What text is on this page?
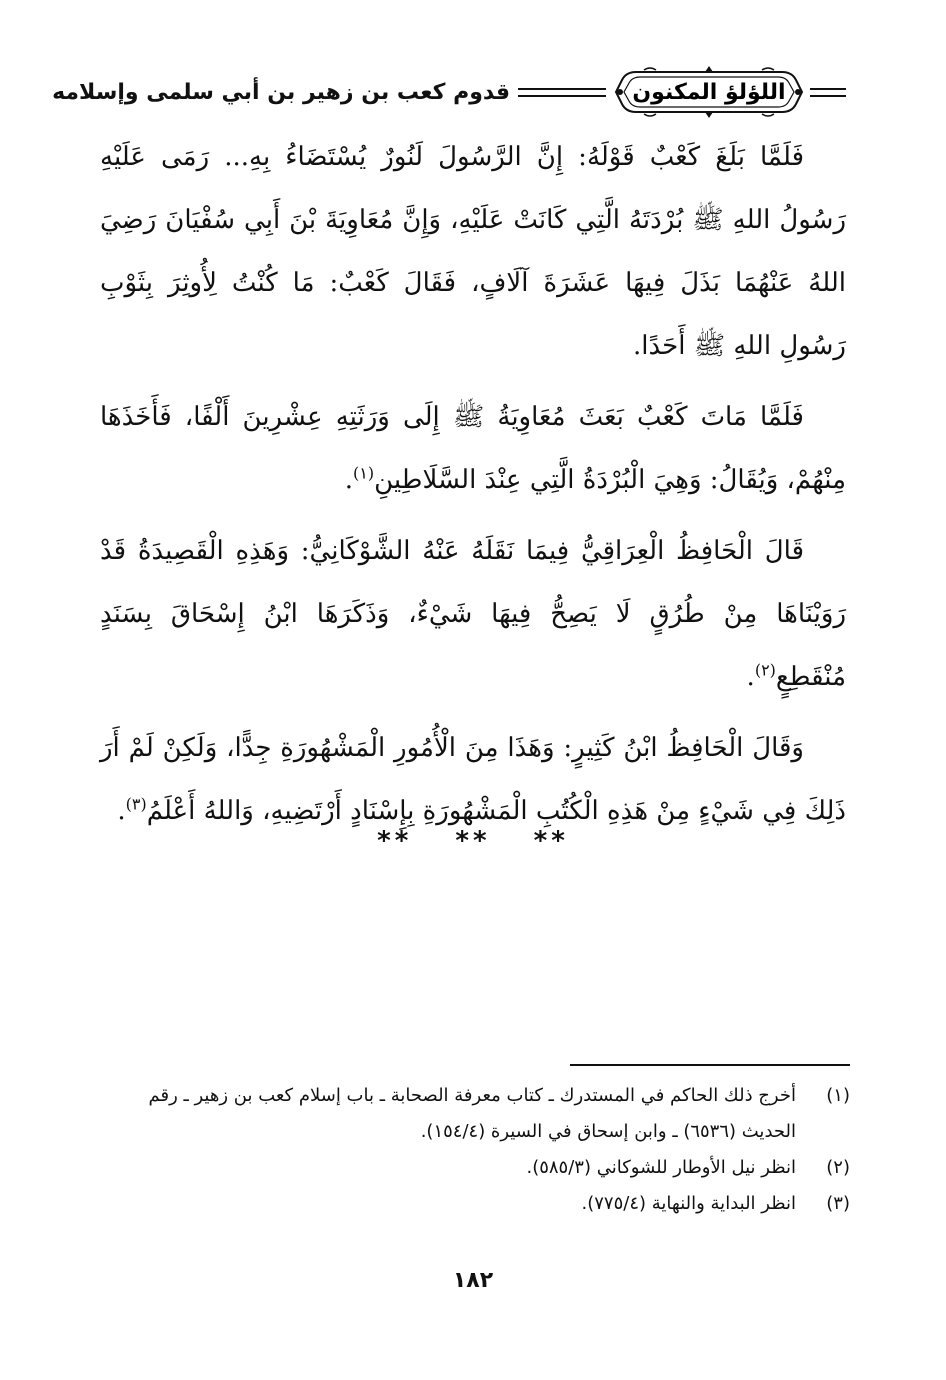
اللؤلؤ المكنون
قدوم كعب بن زهير بن أبي سلمى وإسلامه

فَلَمَّا بَلَغَ كَعْبٌ قَوْلَهُ: إِنَّ الرَّسُولَ لَنُورٌ يُسْتَضَاءُ بِهِ... رَمَى عَلَيْهِ رَسُولُ اللهِ ﷺ بُرْدَتَهُ الَّتِي كَانَتْ عَلَيْهِ، وَإِنَّ مُعَاوِيَةَ بْنَ أَبِي سُفْيَانَ رَضِيَ اللهُ عَنْهُمَا بَذَلَ فِيهَا عَشَرَةَ آلَافٍ، فَقَالَ كَعْبٌ: مَا كُنْتُ لِأُوثِرَ بِثَوْبِ رَسُولِ اللهِ ﷺ أَحَدًا.

فَلَمَّا مَاتَ كَعْبٌ بَعَثَ مُعَاوِيَةُ ﷺ إِلَى وَرَثَتِهِ عِشْرِينَ أَلْفًا، فَأَخَذَهَا مِنْهُمْ، وَيُقَالُ: وَهِيَ الْبُرْدَةُ الَّتِي عِنْدَ السَّلَاطِينِ$^{(١)}$.

قَالَ الْحَافِظُ الْعِرَاقِيُّ فِيمَا نَقَلَهُ عَنْهُ الشَّوْكَانِيُّ: وَهَذِهِ الْقَصِيدَةُ قَدْ رَوَيْنَاهَا مِنْ طُرُقٍ لَا يَصِحُّ فِيهَا شَيْءٌ، وَذَكَرَهَا ابْنُ إِسْحَاقَ بِسَنَدٍ مُنْقَطِعٍ$^{(٢)}$.

وَقَالَ الْحَافِظُ ابْنُ كَثِيرٍ: وَهَذَا مِنَ الْأُمُورِ الْمَشْهُورَةِ جِدًّا، وَلَكِنْ لَمْ أَرَ ذَلِكَ فِي شَيْءٍ مِنْ هَذِهِ الْكُتُبِ الْمَشْهُورَةِ بِإِسْنَادٍ أَرْتَضِيهِ، وَاللهُ أَعْلَمُ$^{(٣)}$.

** ** **
(١)
أخرج ذلك الحاكم في المستدرك ـ كتاب معرفة الصحابة ـ باب إسلام كعب بن زهير ـ رقم الحديث (٦٥٣٦) ـ وابن إسحاق في السيرة (١٥٤/٤).
(٢)
انظر نيل الأوطار للشوكاني (٥٨٥/٣).
(٣)
انظر البداية والنهاية (٧٧٥/٤).
١٨٢
